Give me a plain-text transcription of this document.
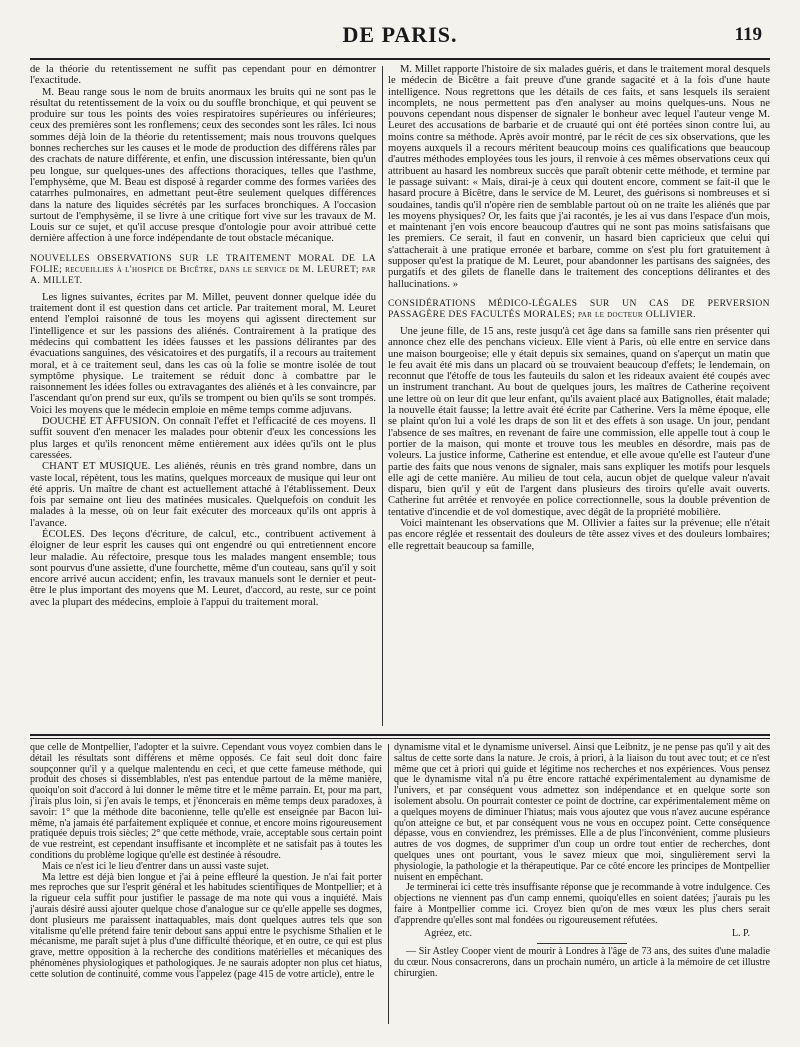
DE PARIS.	119

de la théorie du retentissement ne suffit pas cependant pour en démontrer l'exactitude.

M. Beau range sous le nom de bruits anormaux les bruits qui ne sont pas le résultat du retentissement de la voix ou du souffle bronchique, et qui peuvent se produire sur tous les points des voies respiratoires supérieures ou inférieures; ceux des premières sont les ronflemens; ceux des secondes sont les râles. Ici nous sommes déjà loin de la théorie du retentissement; mais nous trouvons quelques bonnes recherches sur les causes et le mode de production des différens râles par des crachats de nature différente, et enfin, une discussion intéressante, bien qu'un peu longue, sur quelques-unes des affections thoraciques, telles que l'asthme, l'emphysème, que M. Beau est disposé à regarder comme des formes variées des catarrhes pulmonaires, en admettant peut-être seulement quelques différences dans la nature des liquides sécrétés par les surfaces bronchiques. A l'occasion surtout de l'emphysème, il se livre à une critique fort vive sur les travaux de M. Louis sur ce sujet, et qu'il accuse presque d'ontologie pour avoir attribué cette dernière affection à une force indépendante de tout obstacle mécanique.

NOUVELLES OBSERVATIONS SUR LE TRAITEMENT MORAL DE LA FOLIE; recueillies à l'hospice de Bicêtre, dans le service de M. LEURET; par A. MILLET.

Les lignes suivantes, écrites par M. Millet, peuvent donner quelque idée du traitement dont il est question dans cet article. Par traitement moral, M. Leuret entend l'emploi raisonné de tous les moyens qui agissent directement sur l'intelligence et sur les passions des aliénés. Contrairement à la pratique des médecins qui combattent les idées fausses et les passions délirantes par des évacuations sanguines, des vésicatoires et des purgatifs, il a recours au traitement moral, et à ce traitement seul, dans les cas où la folie se montre isolée de tout symptôme physique. Le traitement se réduit donc à combattre par le raisonnement les idées folles ou extravagantes des aliénés et à les convaincre, par l'ascendant qu'on prend sur eux, qu'ils se trompent ou bien qu'ils se sont trompés. Voici les moyens que le médecin emploie en même temps comme adjuvans.

DOUCHE ET AFFUSION. On connaît l'effet et l'efficacité de ces moyens. Il suffit souvent d'en menacer les malades pour obtenir d'eux les concessions les plus larges et qu'ils renoncent même entièrement aux idées qu'ils ont le plus caressées.

CHANT ET MUSIQUE. Les aliénés, réunis en très grand nombre, dans un vaste local, répètent, tous les matins, quelques morceaux de musique qui leur ont été appris. Un maître de chant est actuellement attaché à l'établissement. Deux fois par semaine ont lieu des matinées musicales. Quelquefois on conduit les malades à la messe, où on leur fait exécuter des morceaux qu'ils ont appris à l'avance.

ÉCOLES. Des leçons d'écriture, de calcul, etc., contribuent activement à éloigner de leur esprit les causes qui ont engendré ou qui entretiennent encore leur maladie. Au réfectoire, presque tous les malades mangent ensemble; tous sont pourvus d'une assiette, d'une fourchette, même d'un couteau, sans qu'il y soit encore arrivé aucun accident; enfin, les travaux manuels sont le dernier et peut-être le plus important des moyens que M. Leuret, d'accord, au reste, sur ce point avec la plupart des médecins, emploie à l'appui du traitement moral.

M. Millet rapporte l'histoire de six malades guéris, et dans le traitement moral desquels le médecin de Bicêtre a fait preuve d'une grande sagacité et à la fois d'une haute intelligence. Nous regrettons que les détails de ces faits, et sans lesquels ils seraient incomplets, ne nous permettent pas d'en analyser au moins quelques-uns. Nous ne pouvons cependant nous dispenser de signaler le bonheur avec lequel l'auteur venge M. Leuret des accusations de barbarie et de cruauté qui ont été portées sinon contre lui, au moins contre sa méthode. Après avoir montré, par le récit de ces six observations, que les moyens auxquels il a recours méritent beaucoup moins ces qualifications que beaucoup d'autres méthodes employées tous les jours, il renvoie à ces mêmes observations ceux qui attribuent au hasard les nombreux succès que paraît obtenir cette méthode, et termine par le passage suivant: « Mais, dirai-je à ceux qui doutent encore, comment se fait-il que le hasard procure à Bicêtre, dans le service de M. Leuret, des guérisons si nombreuses et si soudaines, tandis qu'il n'opère rien de semblable partout où on ne traite les aliénés que par les moyens physiques? Or, les faits que j'ai racontés, je les ai vus dans l'espace d'un mois, et maintenant j'en vois encore beaucoup d'autres qui ne sont pas moins satisfaisans que les premiers. Ce serait, il faut en convenir, un hasard bien capricieux que celui qui s'attacherait à une pratique erronée et barbare, comme on s'est plu fort gratuitement à supposer qu'est la pratique de M. Leuret, pour abandonner les partisans des saignées, des purgatifs et des gilets de flanelle dans le traitement des conceptions délirantes et des hallucinations. »

CONSIDÉRATIONS MÉDICO-LÉGALES SUR UN CAS DE PERVERSION PASSAGÈRE DES FACULTÉS MORALES; par le docteur OLLIVIER.

Une jeune fille, de 15 ans, reste jusqu'à cet âge dans sa famille sans rien présenter qui annonce chez elle des penchans vicieux. Elle vient à Paris, où elle entre en service dans une maison bourgeoise; elle y était depuis six semaines, quand on s'aperçut un matin que le feu avait été mis dans un placard où se trouvaient beaucoup d'effets; le lendemain, on reconnut que l'étoffe de tous les fauteuils du salon et les rideaux avaient été coupés avec un instrument tranchant. Au bout de quelques jours, les maîtres de Catherine reçoivent une lettre où on leur dit que leur enfant, qu'ils avaient placé aux Batignolles, était malade; la nouvelle était fausse; la lettre avait été écrite par Catherine. Vers la même époque, elle se plaint qu'on lui a volé les draps de son lit et des effets à son usage. Un jour, pendant l'absence de ses maîtres, en revenant de faire une commission, elle appelle tout à coup le portier de la maison, qui monte et trouve tous les meubles en désordre, mais pas de voleurs. La justice informe, Catherine est entendue, et elle avoue qu'elle est l'auteur d'une partie des faits que nous venons de signaler, mais sans expliquer les motifs pour lesquels elle agi de cette manière. Au milieu de tout cela, aucun objet de quelque valeur n'avait disparu, bien qu'il y eût de l'argent dans plusieurs des tiroirs qu'elle avait ouverts. Catherine fut arrêtée et renvoyée en police correctionnelle, sous la double prévention de tentative d'incendie et de vol domestique, avec dégât de la propriété mobilière.

Voici maintenant les observations que M. Ollivier a faites sur la prévenue; elle n'était pas encore réglée et ressentait des douleurs de tête assez vives et des douleurs lombaires; elle regrettait beaucoup sa famille,

que celle de Montpellier, l'adopter et la suivre. Cependant vous voyez combien dans le détail les résultats sont différens et même opposés. Ce fait seul doit donc faire soupçonner qu'il y a quelque malentendu en ceci, et que cette fameuse méthode, qui produit des choses si dissemblables, n'est pas entendue partout de la même manière, quoiqu'on soit d'accord à lui donner le même titre et le même parrain. Et, pour ma part, j'irais plus loin, si j'en avais le temps, et j'énoncerais en même temps deux paradoxes, à savoir: 1° que la méthode dite baconienne, telle qu'elle est enseignée par Bacon lui-même, n'a jamais été parfaitement expliquée et connue, et encore moins rigoureusement pratiquée depuis trois siècles; 2° que cette méthode, vraie, acceptable sous certain point de vue restreint, est cependant insuffisante et incomplète et ne satisfait pas à toutes les conditions du problème logique qu'elle est destinée à résoudre.

Mais ce n'est ici le lieu d'entrer dans un aussi vaste sujet.

Ma lettre est déjà bien longue et j'ai à peine effleuré la question. Je n'ai fait porter mes reproches que sur l'esprit général et les habitudes scientifiques de Montpellier; et à la rigueur cela suffit pour justifier le passage de ma note qui vous a inquiété. Mais j'aurais désiré aussi ajouter quelque chose d'analogue sur ce qu'elle appelle ses dogmes, dont plusieurs me paraissent inattaquables, mais dont quelques autres tels que son vitalisme qu'elle prétend faire tenir debout sans appui entre le psychisme Sthalien et le mécanisme, me paraît sujet à plus d'une difficulté théorique, et en outre, ce qui est plus grave, mettre opposition à la recherche des conditions matérielles et mécaniques des phénomènes physiologiques et pathologiques. Je ne saurais adopter non plus cet hiatus, cette solution de continuité, comme vous l'appelez (page 415 de votre article), entre le

dynamisme vital et le dynamisme universel. Ainsi que Leibnitz, je ne pense pas qu'il y ait des saltus de cette sorte dans la nature. Je crois, à priori, à la liaison du tout avec tout; et ce n'est même que cet à priori qui guide et légitime nos recherches et nos expériences. Vous pensez que le dynamisme vital n'a pu être encore rattaché expérimentalement au dynamisme de l'univers, et par conséquent vous admettez son indépendance et en quelque sorte son isolement absolu. On pourrait contester ce point de doctrine, car expérimentalement même on a quelques moyens de diminuer l'hiatus; mais vous ajoutez que vous n'avez aucune espérance qu'on atteigne ce but, et par conséquent vous ne vous en occupez point. Cette conséquence dépasse, vous en conviendrez, les prémisses. Elle a de plus l'inconvénient, comme plusieurs autres de vos dogmes, de supprimer d'un coup un ordre tout entier de recherches, dont quelques unes ont pourtant, vous le savez mieux que moi, singulièrement servi la physiologie, la pathologie et la thérapeutique. Par ce côté encore les principes de Montpellier nuisent en empêchant.

Je terminerai ici cette très insuffisante réponse que je recommande à votre indulgence. Ces objections ne viennent pas d'un camp ennemi, quoiqu'elles en soient datées; j'aurais pu les faire à Montpellier comme ici. Croyez bien qu'on de mes vœux les plus chers serait d'apprendre qu'elles sont mal fondées ou rigoureusement réfutées.

Agréez, etc.	L. P.

— Sir Astley Cooper vient de mourir à Londres à l'âge de 73 ans, des suites d'une maladie du cœur. Nous consacrerons, dans un prochain numéro, un article à la mémoire de cet illustre chirurgien.
